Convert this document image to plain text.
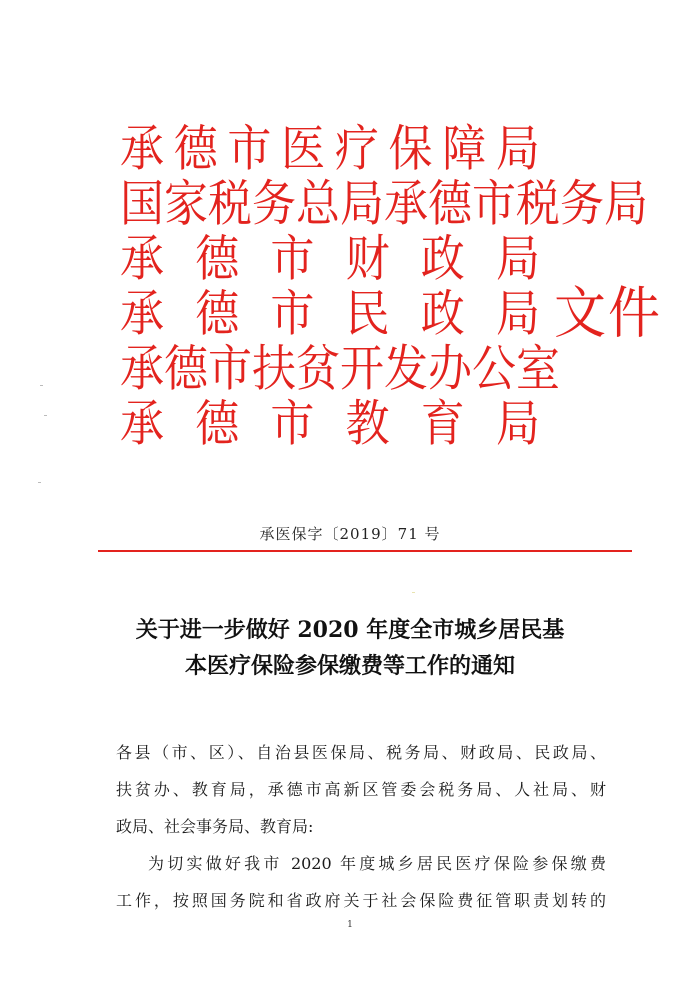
承 德 市 医 疗 保 障 局
国 家 税 务 总 局 承 德 市 税 务 局
承 德 市 财 政 局
承 德 市 民 政 局
承 德 市 扶 贫 开 发 办 公 室
承 德 市 教 育 局
文件
承医保字〔2019〕71 号
关于进一步做好 2020 年度全市城乡居民基
本医疗保险参保缴费等工作的通知
各县（市、区）、自治县医保局、税务局、财政局、民政局、
扶贫办、教育局，承德市高新区管委会税务局、人社局、财
政局、社会事务局、教育局:
为切实做好我市 2020 年度城乡居民医疗保险参保缴费
工作，按照国务院和省政府关于社会保险费征管职责划转的
1
